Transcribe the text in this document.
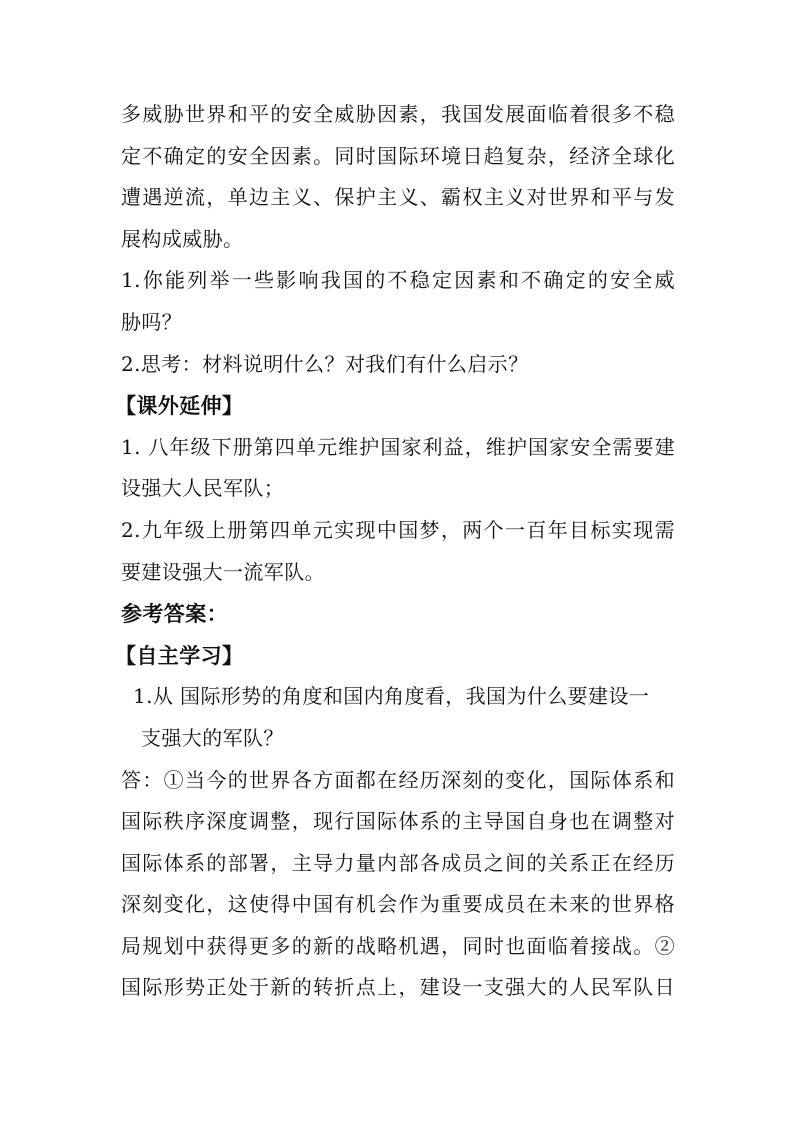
多威胁世界和平的安全威胁因素，我国发展面临着很多不稳
定不确定的安全因素。同时国际环境日趋复杂，经济全球化
遭遇逆流，单边主义、保护主义、霸权主义对世界和平与发
展构成威胁。
1.你能列举一些影响我国的不稳定因素和不确定的安全威
胁吗？
2.思考：材料说明什么？对我们有什么启示？
【课外延伸】
1. 八年级下册第四单元维护国家利益，维护国家安全需要建
设强大人民军队；
2.九年级上册第四单元实现中国梦，两个一百年目标实现需
要建设强大一流军队。
参考答案：
【自主学习】
1.从 国际形势的角度和国内角度看，我国为什么要建设一
支强大的军队？
答：①当今的世界各方面都在经历深刻的变化，国际体系和
国际秩序深度调整，现行国际体系的主导国自身也在调整对
国际体系的部署，主导力量内部各成员之间的关系正在经历
深刻变化，这使得中国有机会作为重要成员在未来的世界格
局规划中获得更多的新的战略机遇，同时也面临着接战。②
国际形势正处于新的转折点上，建设一支强大的人民军队日
